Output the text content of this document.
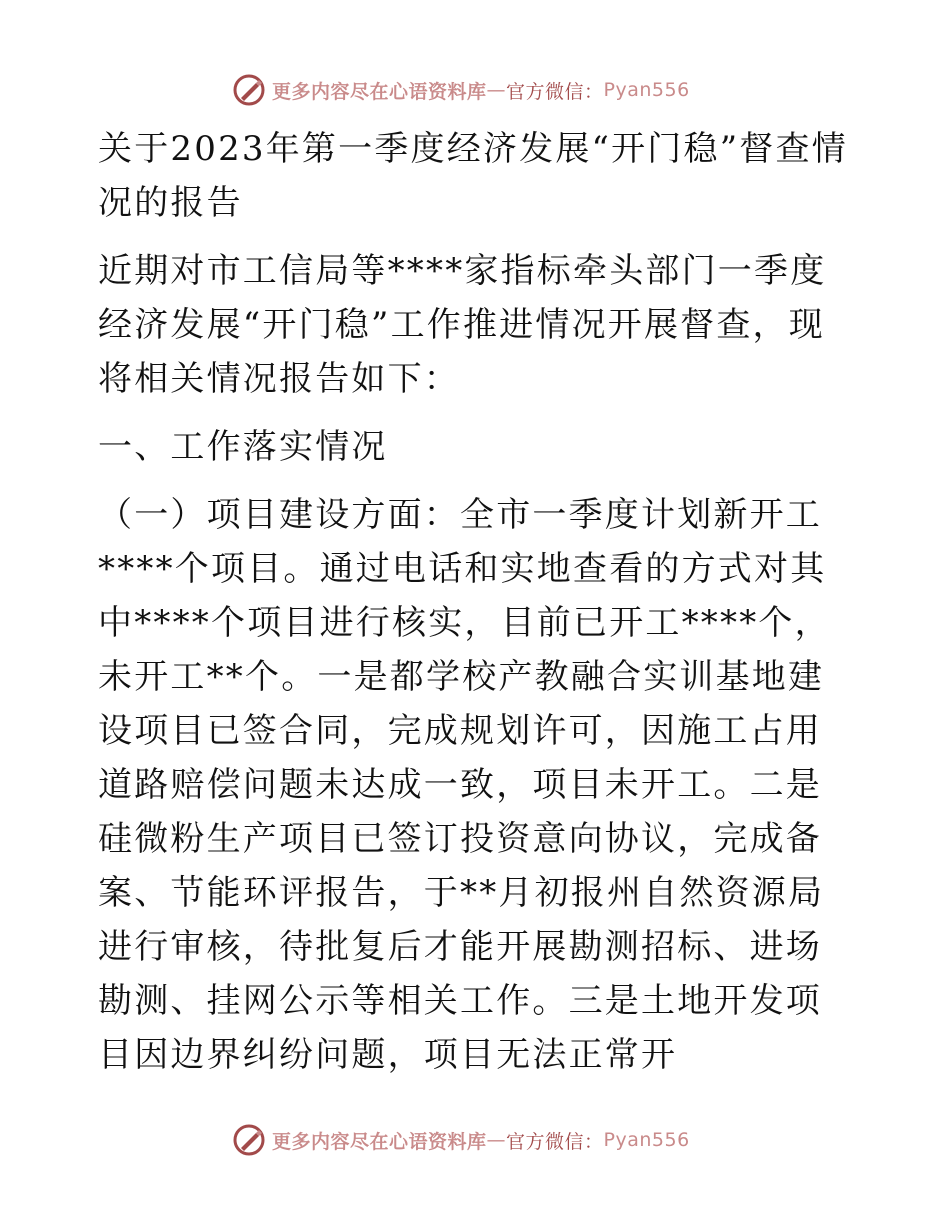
更多内容尽在心语资料库 — 官方微信： Pyan556

关于2023年第一季度经济发展“开门稳”督查情况的报告

近期对市工信局等****家指标牵头部门一季度经济发展“开门稳”工作推进情况开展督查，现将相关情况报告如下：

一、工作落实情况

（一）项目建设方面：全市一季度计划新开工****个项目。通过电话和实地查看的方式对其中****个项目进行核实，目前已开工****个，未开工**个。一是都学校产教融合实训基地建设项目已签合同，完成规划许可，因施工占用道路赔偿问题未达成一致，项目未开工。二是硅微粉生产项目已签订投资意向协议，完成备案、节能环评报告，于**月初报州自然资源局进行审核，待批复后才能开展勘测招标、进场勘测、挂网公示等相关工作。三是土地开发项目因边界纠纷问题，项目无法正常开

更多内容尽在心语资料库 — 官方微信： Pyan556
